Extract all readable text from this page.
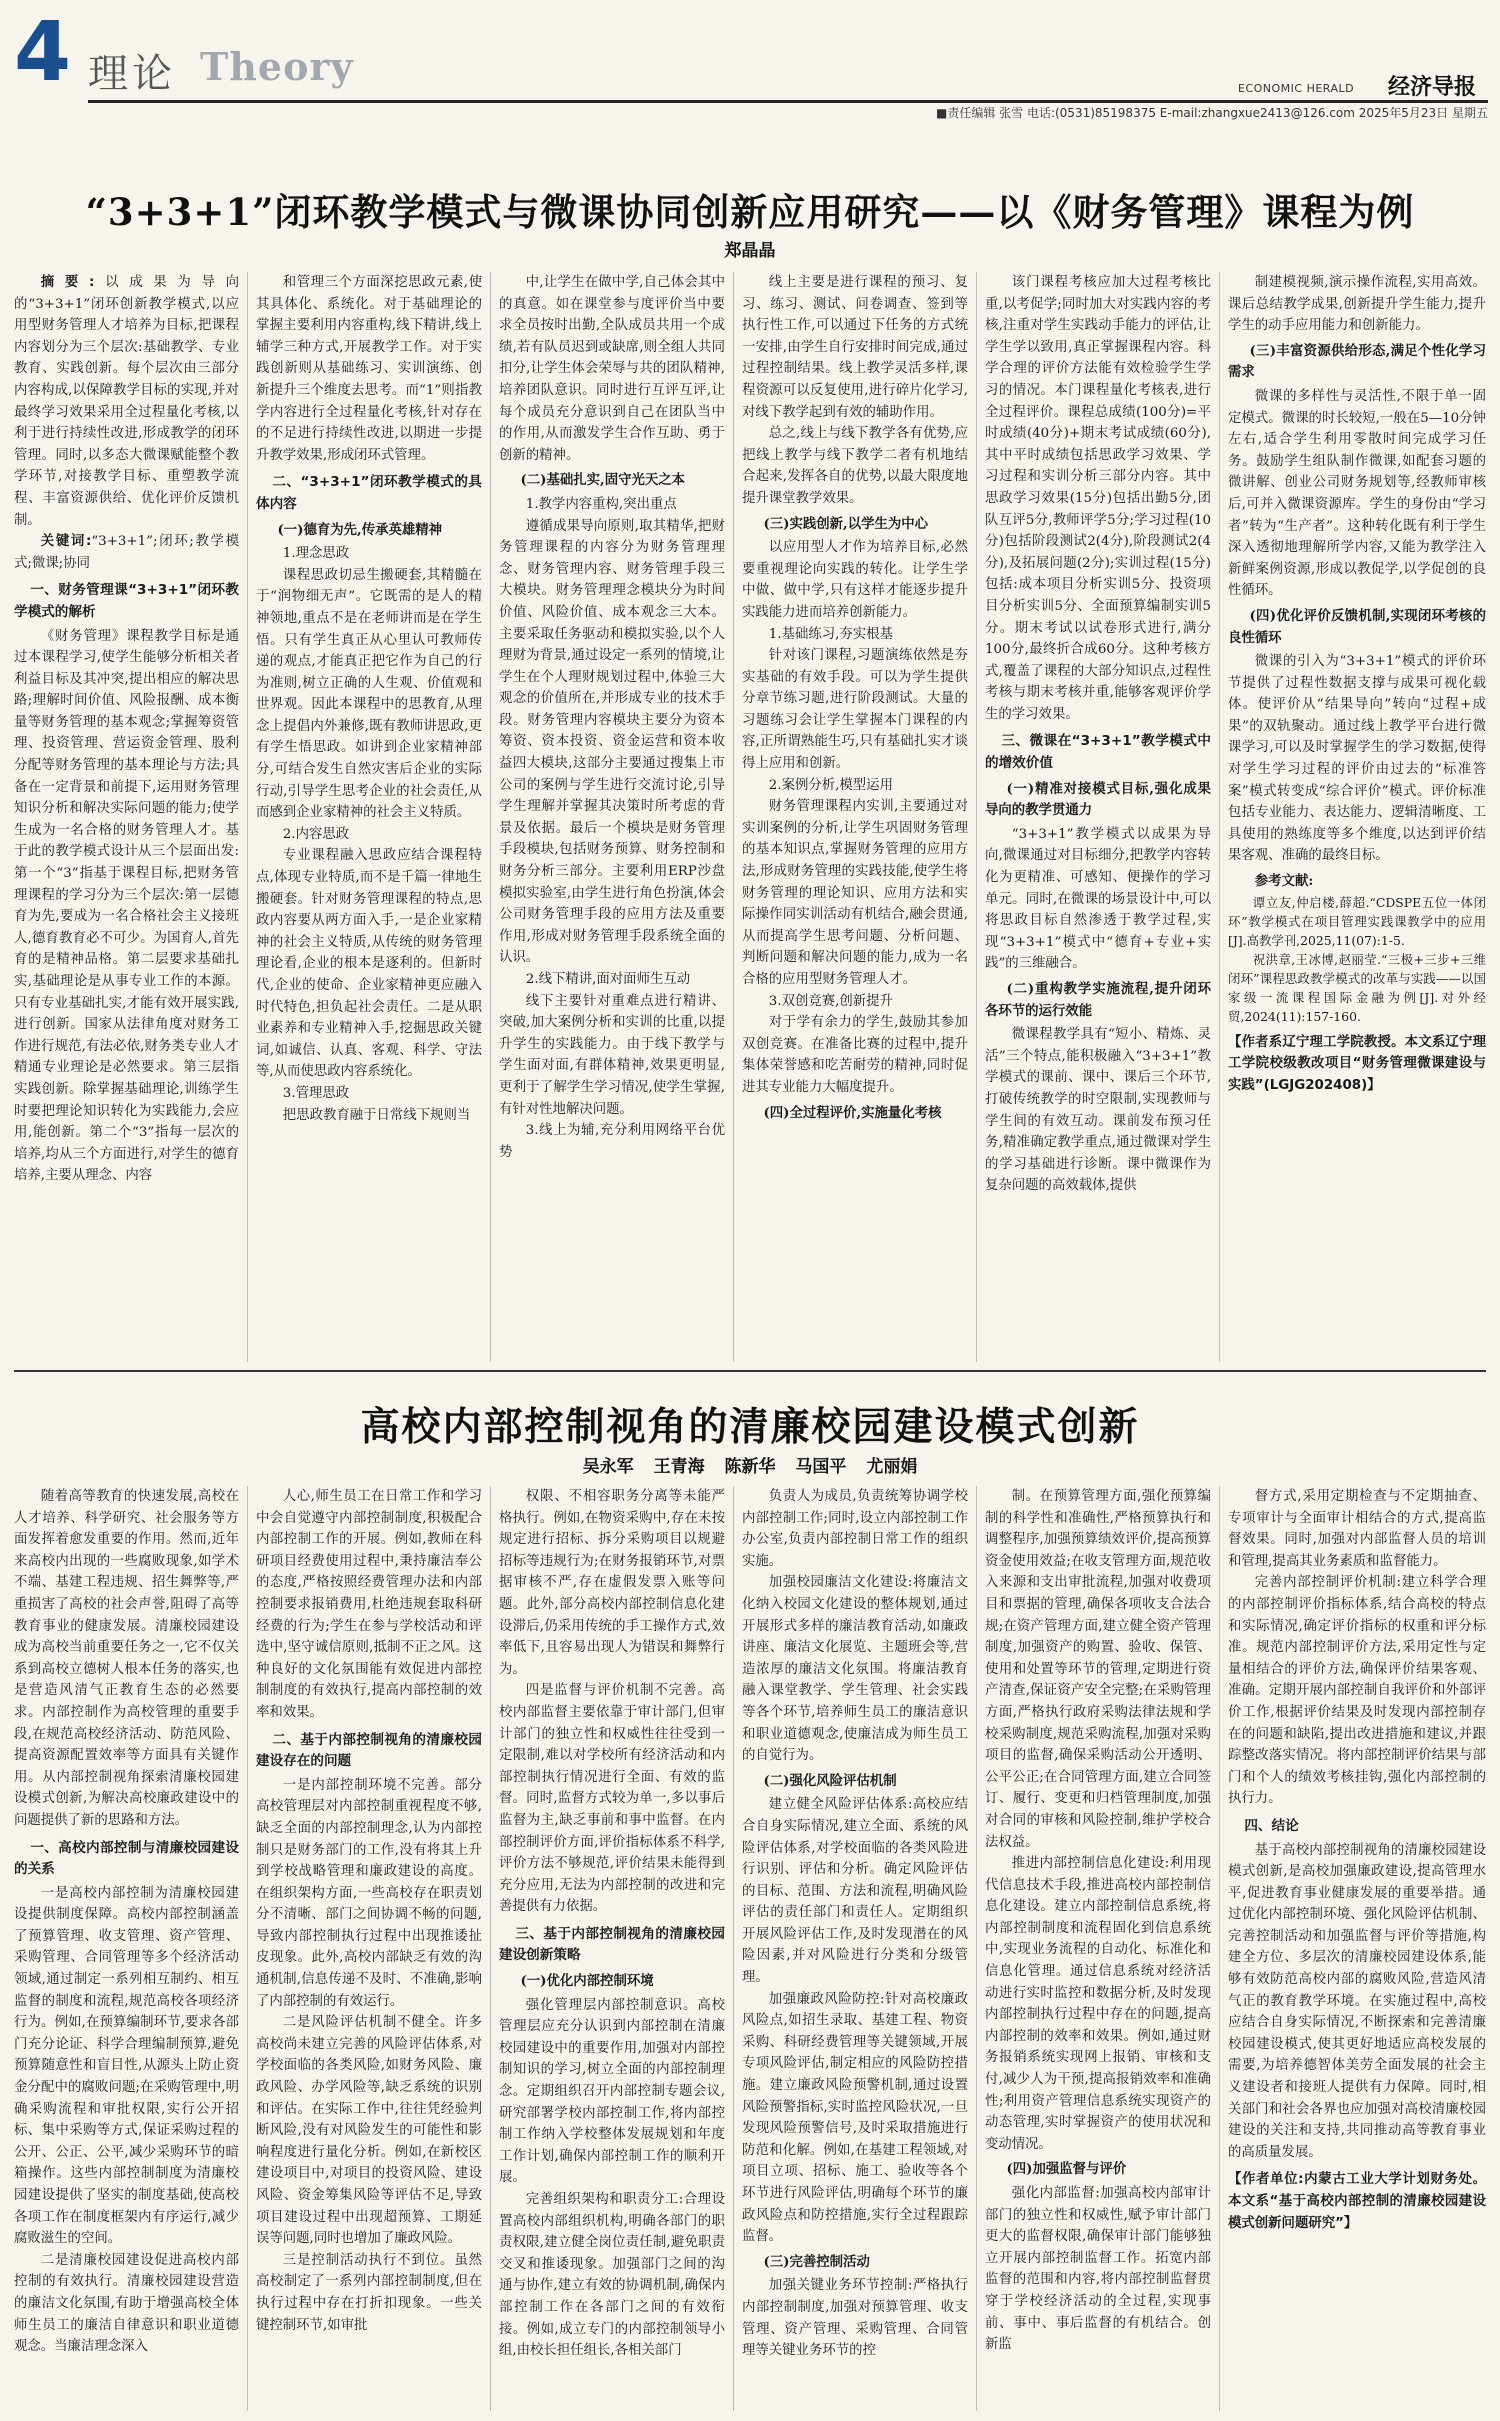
4 理论 Theory	ECONOMIC HERALD 经济导报
■责任编辑 张雪 电话:(0531)85198375 E-mail:zhangxue2413@126.com 2025年5月23日 星期五
“3+3+1”闭环教学模式与微课协同创新应用研究——以《财务管理》课程为例
郑晶晶

摘要:以成果为导向的“3+3+1”闭环创新教学模式,以应用型财务管理人才培养为目标,把课程内容划分为三个层次:基础教学、专业教育、实践创新。每个层次由三部分内容构成,以保障教学目标的实现,并对最终学习效果采用全过程量化考核,以利于进行持续性改进,形成教学的闭环管理。同时,以多态大微课赋能整个教学环节,对接教学目标、重塑教学流程、丰富资源供给、优化评价反馈机制。

关键词:“3+3+1”;闭环;教学模式;微课;协同

一、财务管理课“3+3+1”闭环教学模式的解析

《财务管理》课程教学目标是通过本课程学习,使学生能够分析相关者利益目标及其冲突,提出相应的解决思路;理解时间价值、风险报酬、成本衡量等财务管理的基本观念;掌握筹资管理、投资管理、营运资金管理、股利分配等财务管理的基本理论与方法;具备在一定背景和前提下,运用财务管理知识分析和解决实际问题的能力;使学生成为一名合格的财务管理人才。基于此的教学模式设计从三个层面出发:第一个“3”指基于课程目标,把财务管理课程的学习分为三个层次:第一层德育为先,要成为一名合格社会主义接班人,德育教育必不可少。为国育人,首先育的是精神品格。第二层要求基础扎实,基础理论是从事专业工作的本源。只有专业基础扎实,才能有效开展实践,进行创新。国家从法律角度对财务工作进行规范,有法必依,财务类专业人才精通专业理论是必然要求。第三层指实践创新。除掌握基础理论,训练学生时要把理论知识转化为实践能力,会应用,能创新。第二个“3”指每一层次的培养,均从三个方面进行,对学生的德育培养,主要从理念、内容

和管理三个方面深挖思政元素,使其具体化、系统化。对于基础理论的掌握主要利用内容重构,线下精讲,线上辅学三种方式,开展教学工作。对于实践创新则从基础练习、实训演练、创新提升三个维度去思考。而“1”则指教学内容进行全过程量化考核,针对存在的不足进行持续性改进,以期进一步提升教学效果,形成闭环式管理。

二、“3+3+1”闭环教学模式的具体内容

(一)德育为先,传承英雄精神

1.理念思政

课程思政切忌生搬硬套,其精髓在于“润物细无声”。它既需的是人的精神领地,重点不是在老师讲而是在学生悟。只有学生真正从心里认可教师传递的观点,才能真正把它作为自己的行为准则,树立正确的人生观、价值观和世界观。因此本课程中的思教育,从理念上提倡内外兼修,既有教师讲思政,更有学生悟思政。如讲到企业家精神部分,可结合发生自然灾害后企业的实际行动,引导学生思考企业的社会责任,从而感到企业家精神的社会主义特质。

2.内容思政

专业课程融入思政应结合课程特点,体现专业特质,而不是千篇一律地生搬硬套。针对财务管理课程的特点,思政内容要从两方面入手,一是企业家精神的社会主义特质,从传统的财务管理理论看,企业的根本是逐利的。但新时代,企业的使命、企业家精神更应融入时代特色,担负起社会责任。二是从职业素养和专业精神入手,挖掘思政关键词,如诚信、认真、客观、科学、守法等,从而使思政内容系统化。

3.管理思政

把思政教育融于日常线下规则当

中,让学生在做中学,自己体会其中的真意。如在课堂参与度评价当中要求全员按时出勤,全队成员共用一个成绩,若有队员迟到或缺席,则全组人共同扣分,让学生体会荣辱与共的团队精神,培养团队意识。同时进行互评互评,让每个成员充分意识到自己在团队当中的作用,从而激发学生合作互助、勇于创新的精神。

(二)基础扎实,固守光天之本

1.教学内容重构,突出重点

遵循成果导向原则,取其精华,把财务管理课程的内容分为财务管理理念、财务管理内容、财务管理手段三大模块。财务管理理念模块分为时间价值、风险价值、成本观念三大本。主要采取任务驱动和模拟实验,以个人理财为背景,通过设定一系列的情境,让学生在个人理财规划过程中,体验三大观念的价值所在,并形成专业的技术手段。财务管理内容模块主要分为资本筹资、资本投资、资金运营和资本收益四大模块,这部分主要通过搜集上市公司的案例与学生进行交流讨论,引导学生理解并掌握其决策时所考虑的背景及依据。最后一个模块是财务管理手段模块,包括财务预算、财务控制和财务分析三部分。主要利用ERP沙盘模拟实验室,由学生进行角色扮演,体会公司财务管理手段的应用方法及重要作用,形成对财务管理手段系统全面的认识。

2.线下精讲,面对面师生互动

线下主要针对重难点进行精讲、突破,加大案例分析和实训的比重,以提升学生的实践能力。由于线下教学与学生面对面,有群体精神,效果更明显,更利于了解学生学习情况,使学生掌握,有针对性地解决问题。

3.线上为辅,充分利用网络平台优势

线上主要是进行课程的预习、复习、练习、测试、问卷调查、签到等执行性工作,可以通过下任务的方式统一安排,由学生自行安排时间完成,通过过程控制结果。线上教学灵活多样,课程资源可以反复使用,进行碎片化学习,对线下教学起到有效的辅助作用。

总之,线上与线下教学各有优势,应把线上教学与线下教学二者有机地结合起来,发挥各自的优势,以最大限度地提升课堂教学效果。

(三)实践创新,以学生为中心

以应用型人才作为培养目标,必然要重视理论向实践的转化。让学生学中做、做中学,只有这样才能逐步提升实践能力进而培养创新能力。

1.基础练习,夯实根基

针对该门课程,习题演练依然是夯实基础的有效手段。可以为学生提供分章节练习题,进行阶段测试。大量的习题练习会让学生掌握本门课程的内容,正所谓熟能生巧,只有基础扎实才谈得上应用和创新。

2.案例分析,模型运用

财务管理课程内实训,主要通过对实训案例的分析,让学生巩固财务管理的基本知识点,掌握财务管理的应用方法,形成财务管理的实践技能,使学生将财务管理的理论知识、应用方法和实际操作同实训活动有机结合,融会贯通,从而提高学生思考问题、分析问题、判断问题和解决问题的能力,成为一名合格的应用型财务管理人才。

3.双创竞赛,创新提升

对于学有余力的学生,鼓励其参加双创竞赛。在准备比赛的过程中,提升集体荣誉感和吃苦耐劳的精神,同时促进其专业能力大幅度提升。

(四)全过程评价,实施量化考核

该门课程考核应加大过程考核比重,以考促学;同时加大对实践内容的考核,注重对学生实践动手能力的评估,让学生学以致用,真正掌握课程内容。科学合理的评价方法能有效检验学生学习的情况。本门课程量化考核表,进行全过程评价。课程总成绩(100分)=平时成绩(40分)+期末考试成绩(60分),其中平时成绩包括思政学习效果、学习过程和实训分析三部分内容。其中思政学习效果(15分)包括出勤5分,团队互评5分,教师评学5分;学习过程(10分)包括阶段测试2(4分),阶段测试2(4分),及拓展问题(2分);实训过程(15分)包括:成本项目分析实训5分、投资项目分析实训5分、全面预算编制实训5分。期末考试以试卷形式进行,满分100分,最终折合成60分。这种考核方式,覆盖了课程的大部分知识点,过程性考核与期末考核并重,能够客观评价学生的学习效果。

三、微课在“3+3+1”教学模式中的增效价值

(一)精准对接模式目标,强化成果导向的教学贯通力

“3+3+1”教学模式以成果为导向,微课通过对目标细分,把教学内容转化为更精准、可感知、便操作的学习单元。同时,在微课的场景设计中,可以将思政目标自然渗透于教学过程,实现“3+3+1”模式中“德育+专业+实践”的三维融合。

(二)重构教学实施流程,提升闭环各环节的运行效能

微课程教学具有“短小、精炼、灵活”三个特点,能积极融入“3+3+1”教学模式的课前、课中、课后三个环节,打破传统教学的时空限制,实现教师与学生间的有效互动。课前发布预习任务,精准确定教学重点,通过微课对学生的学习基础进行诊断。课中微课作为复杂问题的高效载体,提供

制建模视频,演示操作流程,实用高效。课后总结教学成果,创新提升学生能力,提升学生的动手应用能力和创新能力。

(三)丰富资源供给形态,满足个性化学习需求

微课的多样性与灵活性,不限于单一固定模式。微课的时长较短,一般在5—10分钟左右,适合学生利用零散时间完成学习任务。鼓励学生组队制作微课,如配套习题的微讲解、创业公司财务规划等,经教师审核后,可并入微课资源库。学生的身份由“学习者”转为“生产者”。这种转化既有利于学生深入透彻地理解所学内容,又能为教学注入新鲜案例资源,形成以教促学,以学促创的良性循环。

(四)优化评价反馈机制,实现闭环考核的良性循环

微课的引入为“3+3+1”模式的评价环节提供了过程性数据支撑与成果可视化载体。使评价从“结果导向”转向“过程+成果”的双轨聚动。通过线上教学平台进行微课学习,可以及时掌握学生的学习数据,使得对学生学习过程的评价由过去的“标准答案”模式转变成“综合评价”模式。评价标准包括专业能力、表达能力、逻辑清晰度、工具使用的熟练度等多个维度,以达到评价结果客观、准确的最终目标。

参考文献:

谭立友,仲启楼,薛超.“CDSPE五位一体闭环”教学模式在项目管理实践课教学中的应用[J].高教学刊,2025,11(07):1-5.

祝洪章,王冰博,赵丽莹.“三极+三步+三维闭环”课程思政教学模式的改革与实践——以国家级一流课程国际金融为例[J].对外经贸,2024(11):157-160.

【作者系辽宁理工学院教授。本文系辽宁理工学院校级教改项目“财务管理微课建设与实践”(LGJG202408)】

高校内部控制视角的清廉校园建设模式创新
吴永军 王青海 陈新华 马国平 尤丽娟

随着高等教育的快速发展,高校在人才培养、科学研究、社会服务等方面发挥着愈发重要的作用。然而,近年来高校内出现的一些腐败现象,如学术不端、基建工程违规、招生舞弊等,严重损害了高校的社会声誉,阻碍了高等教育事业的健康发展。清廉校园建设成为高校当前重要任务之一,它不仅关系到高校立德树人根本任务的落实,也是营造风清气正教育生态的必然要求。内部控制作为高校管理的重要手段,在规范高校经济活动、防范风险、提高资源配置效率等方面具有关键作用。从内部控制视角探索清廉校园建设模式创新,为解决高校廉政建设中的问题提供了新的思路和方法。

一、高校内部控制与清廉校园建设的关系

一是高校内部控制为清廉校园建设提供制度保障。高校内部控制涵盖了预算管理、收支管理、资产管理、采购管理、合同管理等多个经济活动领域,通过制定一系列相互制约、相互监督的制度和流程,规范高校各项经济行为。例如,在预算编制环节,要求各部门充分论证、科学合理编制预算,避免预算随意性和盲目性,从源头上防止资金分配中的腐败问题;在采购管理中,明确采购流程和审批权限,实行公开招标、集中采购等方式,保证采购过程的公开、公正、公平,减少采购环节的暗箱操作。这些内部控制制度为清廉校园建设提供了坚实的制度基础,使高校各项工作在制度框架内有序运行,减少腐败滋生的空间。

二是清廉校园建设促进高校内部控制的有效执行。清廉校园建设营造的廉洁文化氛围,有助于增强高校全体师生员工的廉洁自律意识和职业道德观念。当廉洁理念深入

人心,师生员工在日常工作和学习中会自觉遵守内部控制制度,积极配合内部控制工作的开展。例如,教师在科研项目经费使用过程中,秉持廉洁奉公的态度,严格按照经费管理办法和内部控制要求报销费用,杜绝违规套取科研经费的行为;学生在参与学校活动和评选中,坚守诚信原则,抵制不正之风。这种良好的文化氛围能有效促进内部控制制度的有效执行,提高内部控制的效率和效果。

二、基于内部控制视角的清廉校园建设存在的问题

一是内部控制环境不完善。部分高校管理层对内部控制重视程度不够,缺乏全面的内部控制理念,认为内部控制只是财务部门的工作,没有将其上升到学校战略管理和廉政建设的高度。在组织架构方面,一些高校存在职责划分不清晰、部门之间协调不畅的问题,导致内部控制执行过程中出现推诿扯皮现象。此外,高校内部缺乏有效的沟通机制,信息传递不及时、不准确,影响了内部控制的有效运行。

二是风险评估机制不健全。许多高校尚未建立完善的风险评估体系,对学校面临的各类风险,如财务风险、廉政风险、办学风险等,缺乏系统的识别和评估。在实际工作中,往往凭经验判断风险,没有对风险发生的可能性和影响程度进行量化分析。例如,在新校区建设项目中,对项目的投资风险、建设风险、资金筹集风险等评估不足,导致项目建设过程中出现超预算、工期延误等问题,同时也增加了廉政风险。

三是控制活动执行不到位。虽然高校制定了一系列内部控制制度,但在执行过程中存在打折扣现象。一些关键控制环节,如审批

权限、不相容职务分离等未能严格执行。例如,在物资采购中,存在未按规定进行招标、拆分采购项目以规避招标等违规行为;在财务报销环节,对票据审核不严,存在虚假发票入账等问题。此外,部分高校内部控制信息化建设滞后,仍采用传统的手工操作方式,效率低下,且容易出现人为错误和舞弊行为。

四是监督与评价机制不完善。高校内部监督主要依靠于审计部门,但审计部门的独立性和权威性往往受到一定限制,难以对学校所有经济活动和内部控制执行情况进行全面、有效的监督。同时,监督方式较为单一,多以事后监督为主,缺乏事前和事中监督。在内部控制评价方面,评价指标体系不科学,评价方法不够规范,评价结果未能得到充分应用,无法为内部控制的改进和完善提供有力依据。

三、基于内部控制视角的清廉校园建设创新策略

(一)优化内部控制环境

强化管理层内部控制意识。高校管理层应充分认识到内部控制在清廉校园建设中的重要作用,加强对内部控制知识的学习,树立全面的内部控制理念。定期组织召开内部控制专题会议,研究部署学校内部控制工作,将内部控制工作纳入学校整体发展规划和年度工作计划,确保内部控制工作的顺利开展。

完善组织架构和职责分工:合理设置高校内部组织机构,明确各部门的职责权限,建立健全岗位责任制,避免职责交叉和推诿现象。加强部门之间的沟通与协作,建立有效的协调机制,确保内部控制工作在各部门之间的有效衔接。例如,成立专门的内部控制领导小组,由校长担任组长,各相关部门

负责人为成员,负责统筹协调学校内部控制工作;同时,设立内部控制工作办公室,负责内部控制日常工作的组织实施。

加强校园廉洁文化建设:将廉洁文化纳入校园文化建设的整体规划,通过开展形式多样的廉洁教育活动,如廉政讲座、廉洁文化展览、主题班会等,营造浓厚的廉洁文化氛围。将廉洁教育融入课堂教学、学生管理、社会实践等各个环节,培养师生员工的廉洁意识和职业道德观念,使廉洁成为师生员工的自觉行为。

(二)强化风险评估机制

建立健全风险评估体系:高校应结合自身实际情况,建立全面、系统的风险评估体系,对学校面临的各类风险进行识别、评估和分析。确定风险评估的目标、范围、方法和流程,明确风险评估的责任部门和责任人。定期组织开展风险评估工作,及时发现潜在的风险因素,并对风险进行分类和分级管理。

加强廉政风险防控:针对高校廉政风险点,如招生录取、基建工程、物资采购、科研经费管理等关键领域,开展专项风险评估,制定相应的风险防控措施。建立廉政风险预警机制,通过设置风险预警指标,实时监控风险状况,一旦发现风险预警信号,及时采取措施进行防范和化解。例如,在基建工程领域,对项目立项、招标、施工、验收等各个环节进行风险评估,明确每个环节的廉政风险点和防控措施,实行全过程跟踪监督。

(三)完善控制活动

加强关键业务环节控制:严格执行内部控制制度,加强对预算管理、收支管理、资产管理、采购管理、合同管理等关键业务环节的控

制。在预算管理方面,强化预算编制的科学性和准确性,严格预算执行和调整程序,加强预算绩效评价,提高预算资金使用效益;在收支管理方面,规范收入来源和支出审批流程,加强对收费项目和票据的管理,确保各项收支合法合规;在资产管理方面,建立健全资产管理制度,加强资产的购置、验收、保管、使用和处置等环节的管理,定期进行资产清查,保证资产安全完整;在采购管理方面,严格执行政府采购法律法规和学校采购制度,规范采购流程,加强对采购项目的监督,确保采购活动公开透明、公平公正;在合同管理方面,建立合同签订、履行、变更和归档管理制度,加强对合同的审核和风险控制,维护学校合法权益。

推进内部控制信息化建设:利用现代信息技术手段,推进高校内部控制信息化建设。建立内部控制信息系统,将内部控制制度和流程固化到信息系统中,实现业务流程的自动化、标准化和信息化管理。通过信息系统对经济活动进行实时监控和数据分析,及时发现内部控制执行过程中存在的问题,提高内部控制的效率和效果。例如,通过财务报销系统实现网上报销、审核和支付,减少人为干预,提高报销效率和准确性;利用资产管理信息系统实现资产的动态管理,实时掌握资产的使用状况和变动情况。

(四)加强监督与评价

强化内部监督:加强高校内部审计部门的独立性和权威性,赋予审计部门更大的监督权限,确保审计部门能够独立开展内部控制监督工作。拓宽内部监督的范围和内容,将内部控制监督贯穿于学校经济活动的全过程,实现事前、事中、事后监督的有机结合。创新监

督方式,采用定期检查与不定期抽查、专项审计与全面审计相结合的方式,提高监督效果。同时,加强对内部监督人员的培训和管理,提高其业务素质和监督能力。

完善内部控制评价机制:建立科学合理的内部控制评价指标体系,结合高校的特点和实际情况,确定评价指标的权重和评分标准。规范内部控制评价方法,采用定性与定量相结合的评价方法,确保评价结果客观、准确。定期开展内部控制自我评价和外部评价工作,根据评价结果及时发现内部控制存在的问题和缺陷,提出改进措施和建议,并跟踪整改落实情况。将内部控制评价结果与部门和个人的绩效考核挂钩,强化内部控制的执行力。

四、结论

基于高校内部控制视角的清廉校园建设模式创新,是高校加强廉政建设,提高管理水平,促进教育事业健康发展的重要举措。通过优化内部控制环境、强化风险评估机制、完善控制活动和加强监督与评价等措施,构建全方位、多层次的清廉校园建设体系,能够有效防范高校内部的腐败风险,营造风清气正的教育教学环境。在实施过程中,高校应结合自身实际情况,不断探索和完善清廉校园建设模式,使其更好地适应高校发展的需要,为培养德智体美劳全面发展的社会主义建设者和接班人提供有力保障。同时,相关部门和社会各界也应加强对高校清廉校园建设的关注和支持,共同推动高等教育事业的高质量发展。

【作者单位:内蒙古工业大学计划财务处。本文系“基于高校内部控制的清廉校园建设模式创新问题研究”】
